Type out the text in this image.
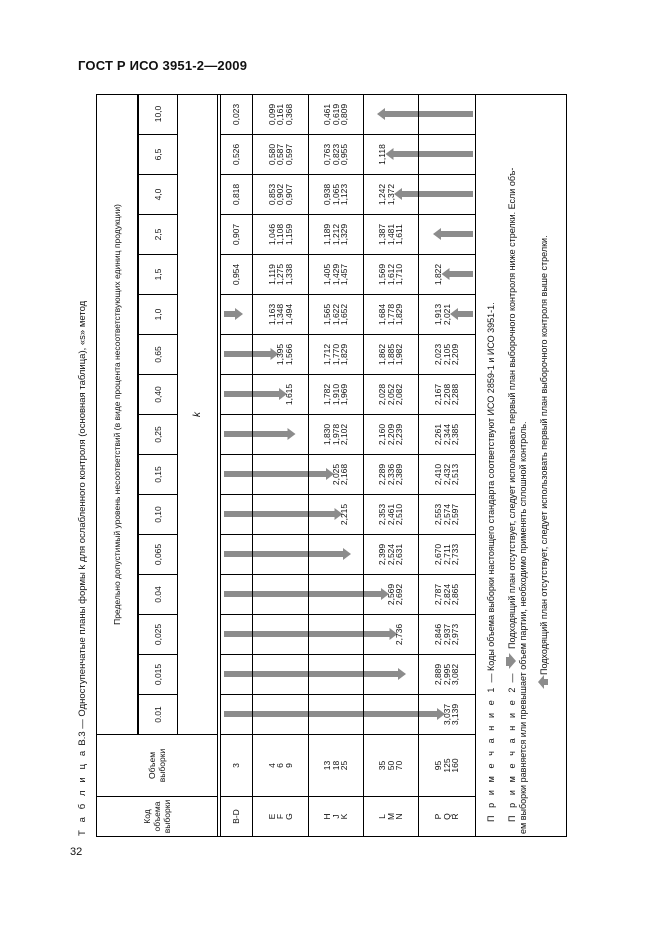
ГОСТ Р ИСО 3951-2—2009
32
Т а б л и ц а В.3 — Одноступенчатые планы формы k для ослабленного контроля (основная таблица), «s» метод
Код объема выборки
Объем выборки
Предельно допустимый уровень несоответствий (в виде процента несоответствующих единиц продукции)	k
П р и м е ч а н и е 1 — Коды объема выборки настоящего стандарта соответствуют ИСО 2859-1 и ИСО 3951-1.
П р и м е ч а н и е 2 — Подходящий план отсутствует, следует использовать первый план выборочного контроля ниже стрелки. Если объ- ем выборки равняется или превышает объем партии, необходимо применять сплошной контроль. Подходящий план отсутствует, следует использовать первый план выборочного контроля выше стрелки.
0.01
0,015
0,025
0.04
0,065
0,10
0,15
0,25
0,40
0,65
1,0
1,5
2,5
4,0
6,5
10,0
B-D
3
0,954
0,907
0,818
0,526
0,023
E
F
G
4
6
9
1,615
1,395
1,566
1,163
1,348
1,494
1,119
1,275
1,338
1,046
1,108
1,159
0,853
0,902
0,907
0,580
0,587
0,597
0,099
0,161
0,368
H
J
K
13
18
25
2,215
2,025
2,168
1,830
1,978
2,102
1,782
1,910
1,969
1,712
1,770
1,829
1,565
1,622
1,652
1,405
1,429
1,457
1,189
1,212
1,329
0,938
1,065
1,123
0,763
0,823
0,955
0,461
0,619
0,809
L
M
N
35
50
70
2,736
2,569
2,692
2,399
2,524
2,631
2,353
2,461
2,510
2,289
2,336
2,389
2,160
2,209
2,239
2,028
2,052
2,082
1,862
1,885
1,982
1,684
1,778
1,829
1,569
1,612
1,710
1,387
1,481
1,611
1,242
1,372
1,118
P
Q
R
95
125
160
3,037
3,139
2,889
2,995
3,082
2,846
2,937
2,973
2,787
2,824
2,865
2,670
2,711
2,733
2,553
2,574
2,597
2,410
2,432
2,513
2,261
2,344
2,385
2,167
2,208
2,288
2,023
2,105
2,209
1,913
2,021
1,822
